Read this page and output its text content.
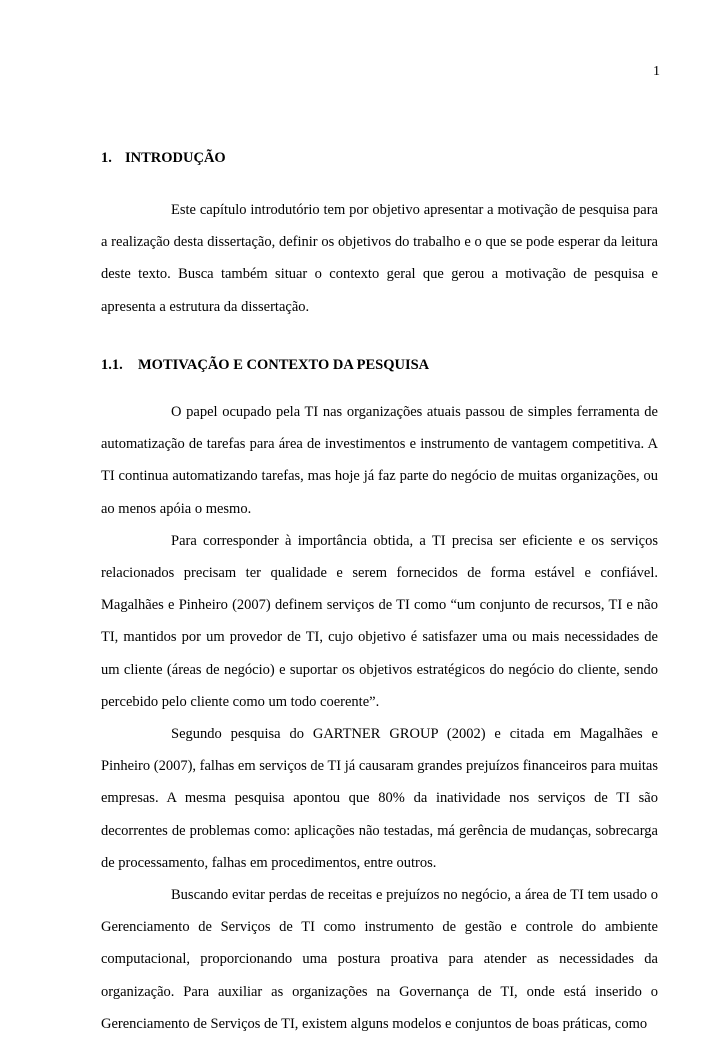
1
1. INTRODUÇÃO

Este capítulo introdutório tem por objetivo apresentar a motivação de pesquisa para a realização desta dissertação, definir os objetivos do trabalho e o que se pode esperar da leitura deste texto. Busca também situar o contexto geral que gerou a motivação de pesquisa e apresenta a estrutura da dissertação.

1.1. MOTIVAÇÃO E CONTEXTO DA PESQUISA

O papel ocupado pela TI nas organizações atuais passou de simples ferramenta de automatização de tarefas para área de investimentos e instrumento de vantagem competitiva. A TI continua automatizando tarefas, mas hoje já faz parte do negócio de muitas organizações, ou ao menos apóia o mesmo.

Para corresponder à importância obtida, a TI precisa ser eficiente e os serviços relacionados precisam ter qualidade e serem fornecidos de forma estável e confiável. Magalhães e Pinheiro (2007) definem serviços de TI como “um conjunto de recursos, TI e não TI, mantidos por um provedor de TI, cujo objetivo é satisfazer uma ou mais necessidades de um cliente (áreas de negócio) e suportar os objetivos estratégicos do negócio do cliente, sendo percebido pelo cliente como um todo coerente”.

Segundo pesquisa do GARTNER GROUP (2002) e citada em Magalhães e Pinheiro (2007), falhas em serviços de TI já causaram grandes prejuízos financeiros para muitas empresas. A mesma pesquisa apontou que 80% da inatividade nos serviços de TI são decorrentes de problemas como: aplicações não testadas, má gerência de mudanças, sobrecarga de processamento, falhas em procedimentos, entre outros.

Buscando evitar perdas de receitas e prejuízos no negócio, a área de TI tem usado o Gerenciamento de Serviços de TI como instrumento de gestão e controle do ambiente computacional, proporcionando uma postura proativa para atender as necessidades da organização. Para auxiliar as organizações na Governança de TI, onde está inserido o Gerenciamento de Serviços de TI, existem alguns modelos e conjuntos de boas práticas, como
